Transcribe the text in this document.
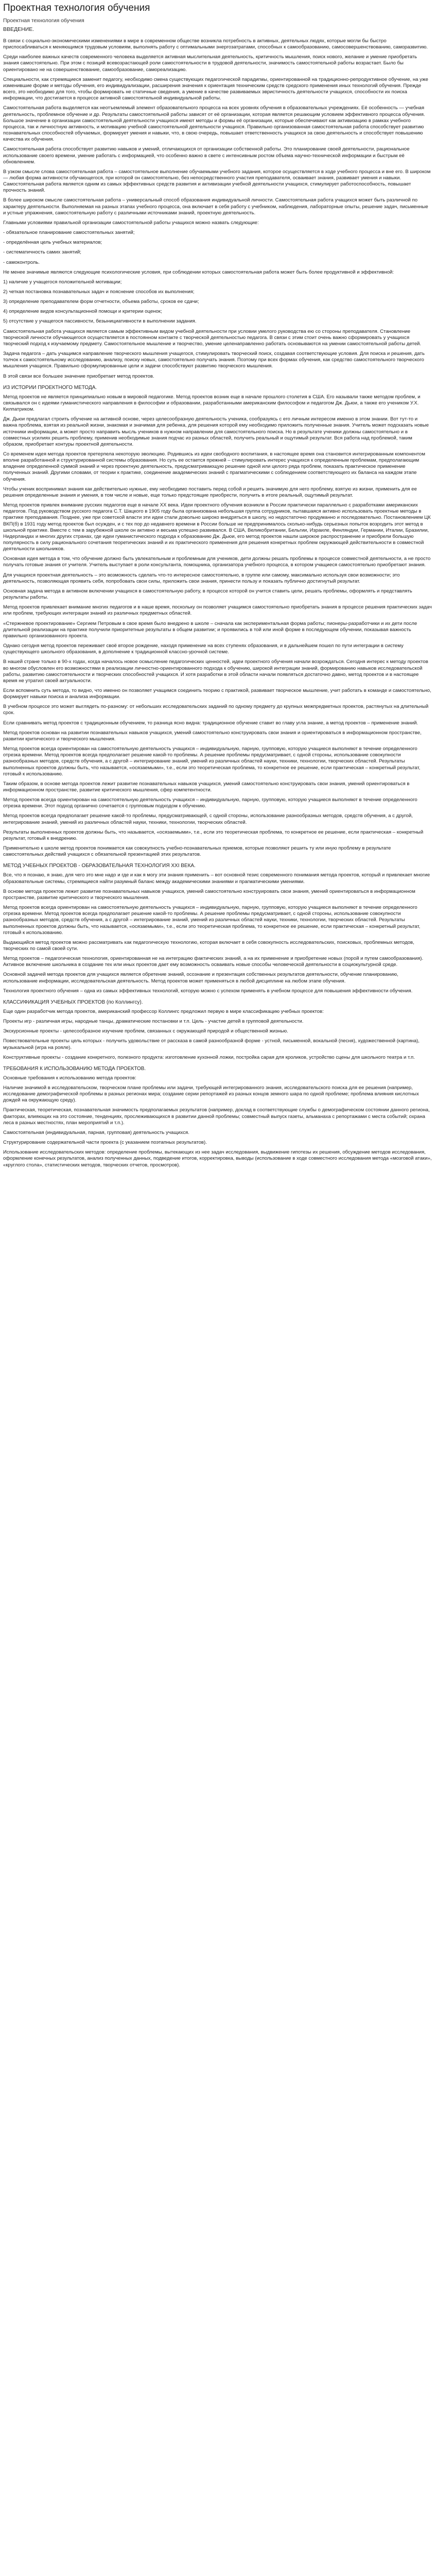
Проектная технология обучения
Проектная технология обучения
ВВЕДЕНИЕ.

В связи с социально-экономическими изменениями в мире в современном обществе возникла потребность в активных, деятельных людях, которые могли бы быстро приспосабливаться к меняющимся трудовым условиям, выполнять работу с оптимальными энергозатратами, способных к самообразованию, самосовершенствованию, саморазвитию.

Среди наиболее важных качеств современного человека выделяется активная мыслительная деятельность, критичность мышления, поиск нового, желание и умение приобретать знания самостоятельно. При этом с позиций всевозрастающей роли самостоятельности в трудовой деятельности, значимость самостоятельной работы возрастает. Было бы ориентировано не на совершенствование, самообразование, самореализацию.

Специальности, как стремящиеся заменит педагогу, необходимо смена существующих педагогической парадигмы, ориентированной на традиционно-репродуктивное обучение, на уже изменившие форме и методы обучения, его индивидуализации, расширения значения к ориентация техническим средств средского применения иных технологий обучения. Прежде всего, это необходимо для того, чтобы формировать не статичные сведения, а умение в качестве развиваемых эвристичность деятельности учащихся, способности их поиска информации, что достигается в процессе активной самостоятельной индивидуальной работы.

Самостоятельная работа выделяется как неотъемлемый элемент образовательного процесса на всех уровнях обучения в образовательных учреждениях. Её особенность — учебная деятельность, проблемное обучение и др. Результаты самостоятельной работы зависят от её организации, которая является решающим условием эффективного процесса обучения. Большое значение в организации самостоятельной деятельности учащихся имеют методы и формы её организации, которые обеспечивают как активизацию в рамках учебного процесса, так и личностную активность, и мотивацию учебной самостоятельной деятельности учащихся. Правильно организованная самостоятельная работа способствует развитию познавательных способностей обучаемых, формирует умения и навыки, что, в свою очередь, повышает ответственность учащихся за свою деятельность и способствует повышению качества их обучения.

Самостоятельная работа способствует развитию навыков и умений, отличающихся от организации собственной работы. Это планирование своей деятельности, рациональное использование своего времени, умение работать с информацией, что особенно важно в свете с интенсивным ростом объема научно-технической информации и быстрым её обновлением.

В узком смысле слова самостоятельная работа – самостоятельное выполнение обучаемыми учебного задания, которое осуществляется в ходе учебного процесса и вне его. В широком — любая форма активности обучающегося, при которой он самостоятельно, без непосредственного участия преподавателя, осваивает знания, развивает умения и навыки. Самостоятельная работа является одним из самых эффективных средств развития и активизации учебной деятельности учащихся, стимулирует работоспособность, повышает прочность знаний.

В более широком смысле самостоятельная работа – универсальный способ образования индивидуальной личности. Самостоятельная работа учащихся может быть различной по характеру деятельности. Выполняемая на разных этапах учебного процесса, она включает в себя работу с учебником, наблюдения, лабораторные опыты, решение задач, письменные и устные упражнения, самостоятельную работу с различными источниками знаний, проектную деятельность.

Главными условиями правильной организации самостоятельной работы учащихся можно назвать следующие:

- обязательное планирование самостоятельных занятий;

- определённая цель учебных материалов;

- систематичность самих занятий;

- самоконтроль.

Не менее значимые являются следующие психологические условия, при соблюдении которых самостоятельная работа может быть более продуктивной и эффективной:

1) наличие у учащегося положительной мотивации;

2) четкая постановка познавательных задач и пояснение способов их выполнения;

3) определение преподавателем форм отчетности, объема работы, сроков ее сдачи;

4) определение видов консультационной помощи и критерии оценок;

5) отсутствие у учащегося пассивности, безынициативности в выполнении задания.

Самостоятельная работа учащихся является самым эффективным видом учебной деятельности при условии умелого руководства ею со стороны преподавателя. Становление творческой личности обучающегося осуществляется в постоянном контакте с творческой деятельностью педагога. В связи с этим стоит очень важно сформировать у учащихся творческий подход к изучаемому предмету. Самостоятельное мышление и творчество, умение целенаправленно работать основываются на умении самостоятельной работы детей.

Задача педагога – дать учащимся направление творческого мышления учащегося, стимулировать творческий поиск, создавая соответствующие условия. Для поиска и решения, дать толчок к самостоятельному исследованию, анализу, поиску новых, самостоятельно получать знания. Поэтому при всех формах обучения, как средство самостоятельного творческого мышления учащихся. Правильно сформулированные цели и задачи способствуют развитию творческого мышления.

В этой связи все большее значение приобретает метод проектов.

ИЗ ИСТОРИИ ПРОЕКТНОГО МЕТОДА.

Метод проектов не является принципиально новым в мировой педагогике. Метод проектов возник еще в начале прошлого столетия в США. Его называли также методом проблем, и связывался он с идеями гуманистического направления в философии и образовании, разработанными американским философом и педагогом Дж. Дьюи, а также его учеником У.Х. Килпатриком.

Дж. Дьюи предлагал строить обучение на активной основе, через целесообразную деятельность ученика, сообразуясь с его личным интересом именно в этом знании. Вот тут-то и важна проблема, взятая из реальной жизни, знакомая и значимая для ребенка, для решения которой ему необходимо приложить полученные знания. Учитель может подсказать новые источники информации, а может просто направить мысль учеников в нужном направлении для самостоятельного поиска. Но в результате ученики должны самостоятельно и в совместных усилиях решить проблему, применив необходимые знания подчас из разных областей, получить реальный и ощутимый результат. Вся работа над проблемой, таким образом, приобретает контуры проектной деятельности.

Со временем идея метода проектов претерпела некоторую эволюцию. Родившись из идеи свободного воспитания, в настоящее время она становится интегрированным компонентом вполне разработанной и структурированной системы образования. Но суть ее остается прежней – стимулировать интерес учащихся к определенным проблемам, предполагающим владение определенной суммой знаний и через проектную деятельность, предусматривающую решение одной или целого ряда проблем, показать практическое применение полученных знаний. Другими словами, от теории к практике, соединение академических знаний с прагматическими с соблюдением соответствующего их баланса на каждом этапе обучения.

Чтобы ученик воспринимал знания как действительно нужные, ему необходимо поставить перед собой и решить значимую для него проблему, взятую из жизни, применить для ее решения определенные знания и умения, в том числе и новые, еще только предстоящие приобрести, получить в итоге реальный, ощутимый результат.

Метод проектов привлек внимание русских педагогов еще в начале XX века. Идеи проектного обучения возникли в России практически параллельно с разработками американских педагогов. Под руководством русского педагога С.Т. Шацкого в 1905 году была организована небольшая группа сотрудников, пытавшаяся активно использовать проектные методы в практике преподавания. Позднее, уже при советской власти эти идеи стали довольно широко внедряться в школу, но недостаточно продуманно и последовательно. Постановлением ЦК ВКП(б) в 1931 году метод проектов был осужден, и с тех пор до недавнего времени в России больше не предпринималось сколько-нибудь серьезных попыток возродить этот метод в школьной практике. Вместе с тем в зарубежной школе он активно и весьма успешно развивался. В США, Великобритании, Бельгии, Израиле, Финляндии, Германии, Италии, Бразилии, Нидерландах и многих других странах, где идеи гуманистического подхода к образованию Дж. Дьюи, его метод проектов нашли широкое распространение и приобрели большую популярность в силу рационального сочетания теоретических знаний и их практического применения для решения конкретных проблем окружающей действительности в совместной деятельности школьников.

Основная идея метода в том, что обучение должно быть увлекательным и проблемным для учеников, дети должны решать проблемы в процессе совместной деятельности, а не просто получать готовые знания от учителя. Учитель выступает в роли консультанта, помощника, организатора учебного процесса, в котором учащиеся самостоятельно приобретают знания.

Для учащихся проектная деятельность – это возможность сделать что-то интересное самостоятельно, в группе или самому, максимально используя свои возможности; это деятельность, позволяющая проявить себя, попробовать свои силы, приложить свои знания, принести пользу и показать публично достигнутый результат.

Основная задача метода в активном включении учащихся в самостоятельную работу, в процессе которой он учится ставить цели, решать проблемы, оформлять и представлять результаты работы.

Метод проектов привлекает внимание многих педагогов и в наше время, поскольку он позволяет учащимся самостоятельно приобретать знания в процессе решения практических задач или проблем, требующих интеграции знаний из различных предметных областей.

«Стержневое проектирование» Сергием Петровым в свое время было внедрено в школе – сначала как экспериментальная форма работы; пионеры-разработчики и их дети после длительной реализации на практике получили приоритетные результаты в общем развитии; и проявились в той или иной форме в последующем обучении, показывая важность правильно организованного проекта.

Однако сегодня метод проектов переживает своё второе рождение, находя применение на всех ступенях образования, и в дальнейшем пошел по пути интеграции в систему существующего школьного образования, в дополнение к традиционной классно-урочной системе.

В нашей стране только в 90-х годах, когда началось новое осмысление педагогических ценностей, идеи проектного обучения начали возрождаться. Сегодня интерес к методу проектов во многом обусловлен его возможностями в реализации личностно-ориентированного подхода к обучению, широкой интеграции знаний, формированию навыков исследовательской работы, развитию самостоятельности и творческих способностей учащихся. И хотя разработки в этой области начали появляться достаточно давно, метод проектов и в настоящее время не утратил своей актуальности.

Если вспомнить суть метода, то видно, что именно он позволяет учащимся соединить теорию с практикой, развивает творческое мышление, учит работать в команде и самостоятельно, формирует навыки поиска и анализа информации.

В учебном процессе это может выглядеть по-разному: от небольших исследовательских заданий по одному предмету до крупных межпредметных проектов, растянутых на длительный срок.

Если сравнивать метод проектов с традиционным обучением, то разница ясно видна: традиционное обучение ставит во главу угла знание, а метод проектов – применение знаний.

Метод проектов основан на развитии познавательных навыков учащихся, умений самостоятельно конструировать свои знания и ориентироваться в информационном пространстве, развитии критического и творческого мышления.

Метод проектов всегда ориентирован на самостоятельную деятельность учащихся – индивидуальную, парную, групповую, которую учащиеся выполняют в течение определенного отрезка времени. Метод проектов всегда предполагает решение какой-то проблемы. А решение проблемы предусматривает, с одной стороны, использование совокупности разнообразных методов, средств обучения, а с другой – интегрирование знаний, умений из различных областей науки, техники, технологии, творческих областей. Результаты выполненных проектов должны быть, что называется, «осязаемыми», т.е., если это теоретическая проблема, то конкретное ее решение, если практическая – конкретный результат, готовый к использованию.

Таким образом, в основе метода проектов лежит развитие познавательных навыков учащихся, умений самостоятельно конструировать свои знания, умений ориентироваться в информационном пространстве, развитие критического мышления, сфер компетентности.

Метод проектов всегда ориентирован на самостоятельную деятельность учащихся – индивидуальную, парную, групповую, которую учащиеся выполняют в течение определенного отрезка времени. Этот подход органично сочетается с групповым подходом к обучению.

Метод проектов всегда предполагает решение какой-то проблемы, предусматривающей, с одной стороны, использование разнообразных методов, средств обучения, а с другой, интегрирование знаний, умений из различных областей науки, техники, технологии, творческих областей.

Результаты выполненных проектов должны быть, что называется, «осязаемыми», т.е., если это теоретическая проблема, то конкретное ее решение, если практическая – конкретный результат, готовый к внедрению.

Применительно к школе метод проектов понимается как совокупность учебно-познавательных приемов, которые позволяют решить ту или иную проблему в результате самостоятельных действий учащихся с обязательной презентацией этих результатов.

МЕТОД УЧЕБНЫХ ПРОЕКТОВ - ОБРАЗОВАТЕЛЬНАЯ ТЕХНОЛОГИЯ XXI ВЕКА.

Все, что я познаю, я знаю, для чего это мне надо и где и как я могу эти знания применить – вот основной тезис современного понимания метода проектов, который и привлекает многие образовательные системы, стремящиеся найти разумный баланс между академическими знаниями и прагматическими умениями.

В основе метода проектов лежит развитие познавательных навыков учащихся, умений самостоятельно конструировать свои знания, умений ориентироваться в информационном пространстве, развитие критического и творческого мышления.

Метод проектов всегда ориентирован на самостоятельную деятельность учащихся – индивидуальную, парную, групповую, которую учащиеся выполняют в течение определенного отрезка времени. Метод проектов всегда предполагает решение какой-то проблемы. А решение проблемы предусматривает, с одной стороны, использование совокупности разнообразных методов, средств обучения, а с другой – интегрирование знаний, умений из различных областей науки, техники, технологии, творческих областей. Результаты выполненных проектов должны быть, что называется, «осязаемыми», т.е., если это теоретическая проблема, то конкретное ее решение, если практическая – конкретный результат, готовый к использованию.

Выдающийся метод проектов можно рассматривать как педагогическую технологию, которая включает в себя совокупность исследовательских, поисковых, проблемных методов, творческих по самой своей сути.

Метод проектов – педагогическая технология, ориентированная не на интеграцию фактических знаний, а на их применение и приобретение новых (порой и путем самообразования). Активное включение школьника в создание тех или иных проектов дает ему возможность осваивать новые способы человеческой деятельности в социокультурной среде.

Основной задачей метода проектов для учащихся является обретение знаний, осознание и презентация собственных результатов деятельности, обучение планированию, использование информации, исследовательская деятельность. Метод проектов может применяться в любой дисциплине на любом этапе обучения.

Технология проектного обучения – одна из самых эффективных технологий, которую можно с успехом применять в учебном процессе для повышения эффективности обучения.

КЛАССИФИКАЦИЯ УЧЕБНЫХ ПРОЕКТОВ (по Коллингсу).

Еще один разработчик метода проектов, американский профессор Коллингс предложил первую в мире классификацию учебных проектов:

Проекты игр - различная игры, народные танцы, драматические постановки и т.п. Цель - участие детей в групповой деятельности.

Экскурсионные проекты - целесообразное изучение проблем, связанных с окружающей природой и общественной жизнью.

Повествовательные проекты цель которых - получить удовольствие от рассказа в самой разнообразной форме - устной, письменной, вокальной (песня), художественной (картина), музыкальной (игра на рояле).

Конструктивные проекты - создание конкретного, полезного продукта: изготовление кухонной ложки, постройка сарая для кроликов, устройство сцены для школьного театра и т.п.

ТРЕБОВАНИЯ К ИСПОЛЬЗОВАНИЮ МЕТОДА ПРОЕКТОВ.

Основные требования к использованию метода проектов:

Наличие значимой в исследовательском, творческом плане проблемы или задачи, требующей интегрированного знания, исследовательского поиска для ее решения (например, исследование демографической проблемы в разных регионах мира; создание серии репортажей из разных концов земного шара по одной проблеме; проблема влияния кислотных дождей на окружающую среду).

Практическая, теоретическая, познавательная значимость предполагаемых результатов (например, доклад в соответствующие службы о демографическом состоянии данного региона, факторах, влияющих на это состояние, тенденциях, прослеживающихся в развитии данной проблемы; совместный выпуск газеты, альманаха с репортажами с места событий; охрана леса в разных местностях, план мероприятий и т.п.).

Самостоятельная (индивидуальная, парная, групповая) деятельность учащихся.

Структурирование содержательной части проекта (с указанием поэтапных результатов).

Использование исследовательских методов: определение проблемы, вытекающих из нее задач исследования, выдвижение гипотезы их решения, обсуждение методов исследования, оформление конечных результатов, анализ полученных данных, подведение итогов, корректировка, выводы (использование в ходе совместного исследования метода «мозговой атаки», «круглого стола», статистических методов, творческих отчетов, просмотров).
